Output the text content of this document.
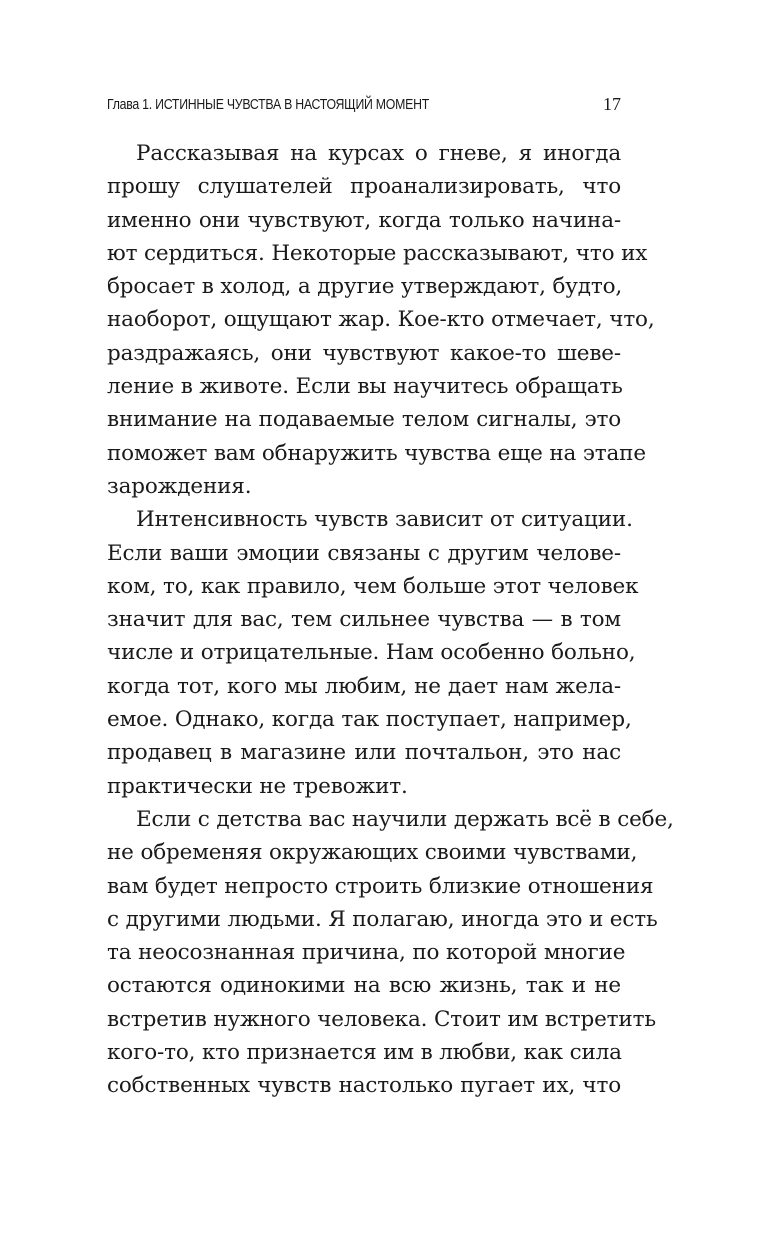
Глава 1. ИСТИННЫЕ ЧУВСТВА В НАСТОЯЩИЙ МОМЕНТ	17
Рассказывая на курсах о гневе, я иногда
прошу слушателей проанализировать, что
именно они чувствуют, когда только начина-
ют сердиться. Некоторые рассказывают, что их
бросает в холод, а другие утверждают, будто,
наоборот, ощущают жар. Кое-кто отмечает, что,
раздражаясь, они чувствуют какое-то шеве-
ление в животе. Если вы научитесь обращать
внимание на подаваемые телом сигналы, это
поможет вам обнаружить чувства еще на этапе
зарождения.
Интенсивность чувств зависит от ситуации.
Если ваши эмоции связаны с другим челове-
ком, то, как правило, чем больше этот человек
значит для вас, тем сильнее чувства — в том
числе и отрицательные. Нам особенно больно,
когда тот, кого мы любим, не дает нам жела-
емое. Однако, когда так поступает, например,
продавец в магазине или почтальон, это нас
практически не тревожит.
Если с детства вас научили держать всё в себе,
не обременяя окружающих своими чувствами,
вам будет непросто строить близкие отношения
с другими людьми. Я полагаю, иногда это и есть
та неосознанная причина, по которой многие
остаются одинокими на всю жизнь, так и не
встретив нужного человека. Стоит им встретить
кого-то, кто признается им в любви, как сила
собственных чувств настолько пугает их, что
